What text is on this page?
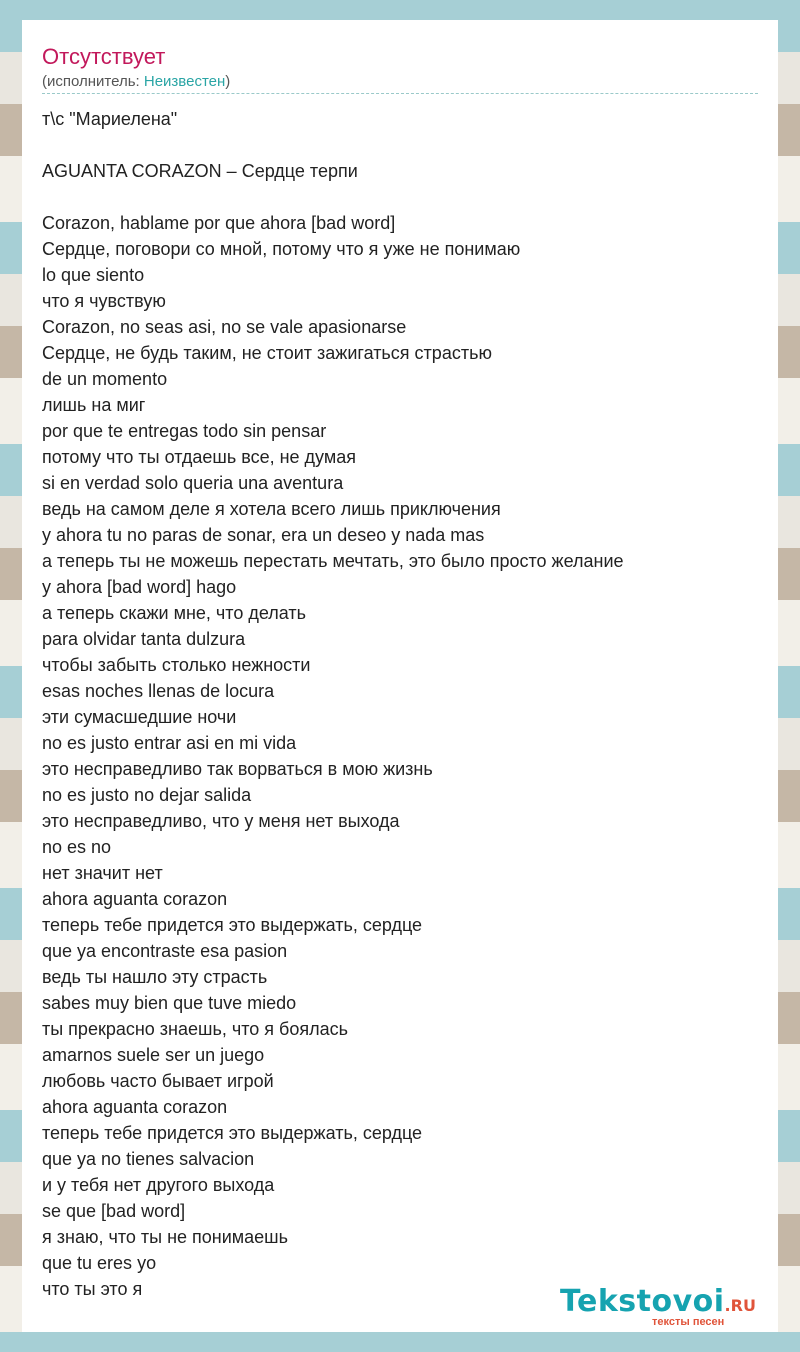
Отсутствует
(исполнитель: Неизвестен)
т\с "Мариелена"
AGUANTA CORAZON – Сердце терпи
Corazon, hablame por que ahora [bad word]
Сердце, поговори со мной, потому что я уже не понимаю
lo que siento
что я чувствую
Corazon, no seas asi, no se vale apasionarse
Сердце, не будь таким, не стоит зажигаться страстью
de un momento
лишь на миг
por que te entregas todo sin pensar
потому что ты отдаешь все, не думая
si en verdad solo queria una aventura
ведь на самом деле я хотела всего лишь приключения
y ahora tu no paras de sonar, era un deseo y nada mas
а теперь ты не можешь перестать мечтать, это было просто желание
y ahora [bad word] hago
а теперь скажи мне, что делать
para olvidar tanta dulzura
чтобы забыть столько нежности
esas noches llenas de locura
эти сумасшедшие ночи
no es justo entrar asi en mi vida
это несправедливо так ворваться в мою жизнь
no es justo no dejar salida
это несправедливо, что у меня нет выхода
no es no
нет значит нет
ahora aguanta corazon
теперь тебе придется это выдержать, сердце
que ya encontraste esa pasion
ведь ты нашло эту страсть
sabes muy bien que tuve miedo
ты прекрасно знаешь, что я боялась
amarnos suele ser un juego
любовь часто бывает игрой
ahora aguanta corazon
теперь тебе придется это выдержать, сердце
que ya no tienes salvacion
и у тебя нет другого выхода
se que [bad word]
я знаю, что ты не понимаешь
que tu eres yo
что ты это я	Tekstovoi.RU
тексты песен
